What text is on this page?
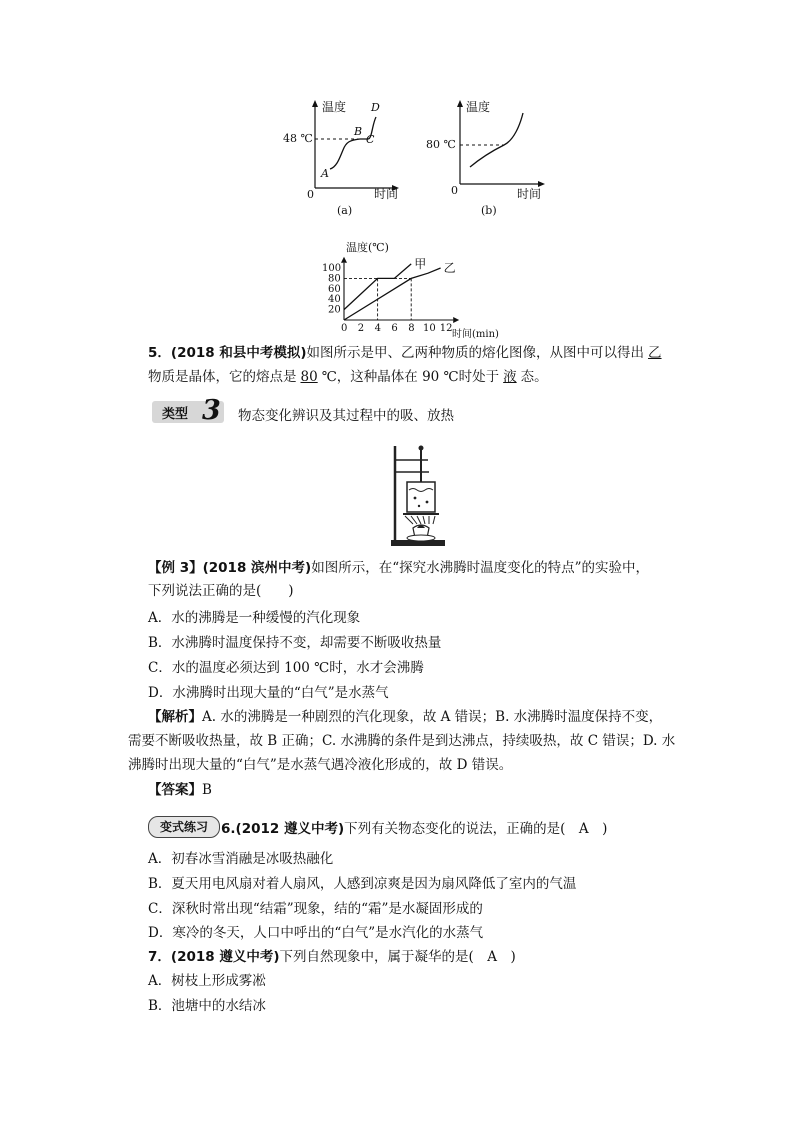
温度
48 ℃
A
B
C
D
0	时间
(a)
温度
80 ℃
0	时间
(b)
温度(℃)
时间(min)
0 2 4 6 8 10 12
20
40
60
80
100	甲 乙
5．(2018 和县中考模拟)如图所示是甲、乙两种物质的熔化图像，从图中可以得出 乙
物质是晶体，它的熔点是 80 ℃，这种晶体在 90 ℃时处于 液 态。
类型 3 物态变化辨识及其过程中的吸、放热
【例 3】(2018 滨州中考)如图所示，在“探究水沸腾时温度变化的特点”的实验中，
下列说法正确的是(　　)
A．水的沸腾是一种缓慢的汽化现象
B．水沸腾时温度保持不变，却需要不断吸收热量
C．水的温度必须达到 100 ℃时，水才会沸腾
D．水沸腾时出现大量的“白气”是水蒸气
【解析】A. 水的沸腾是一种剧烈的汽化现象，故 A 错误；B. 水沸腾时温度保持不变，
需要不断吸收热量，故 B 正确；C. 水沸腾的条件是到达沸点，持续吸热，故 C 错误；D. 水
沸腾时出现大量的“白气”是水蒸气遇冷液化形成的，故 D 错误。
【答案】B
变式练习 6.(2012 遵义中考)下列有关物态变化的说法，正确的是(　A　)
A．初春冰雪消融是冰吸热融化
B．夏天用电风扇对着人扇风，人感到凉爽是因为扇风降低了室内的气温
C．深秋时常出现“结霜”现象，结的“霜”是水凝固形成的
D．寒冷的冬天，人口中呼出的“白气”是水汽化的水蒸气
7．(2018 遵义中考)下列自然现象中，属于凝华的是(　A　)
A．树枝上形成雾凇
B．池塘中的水结冰
